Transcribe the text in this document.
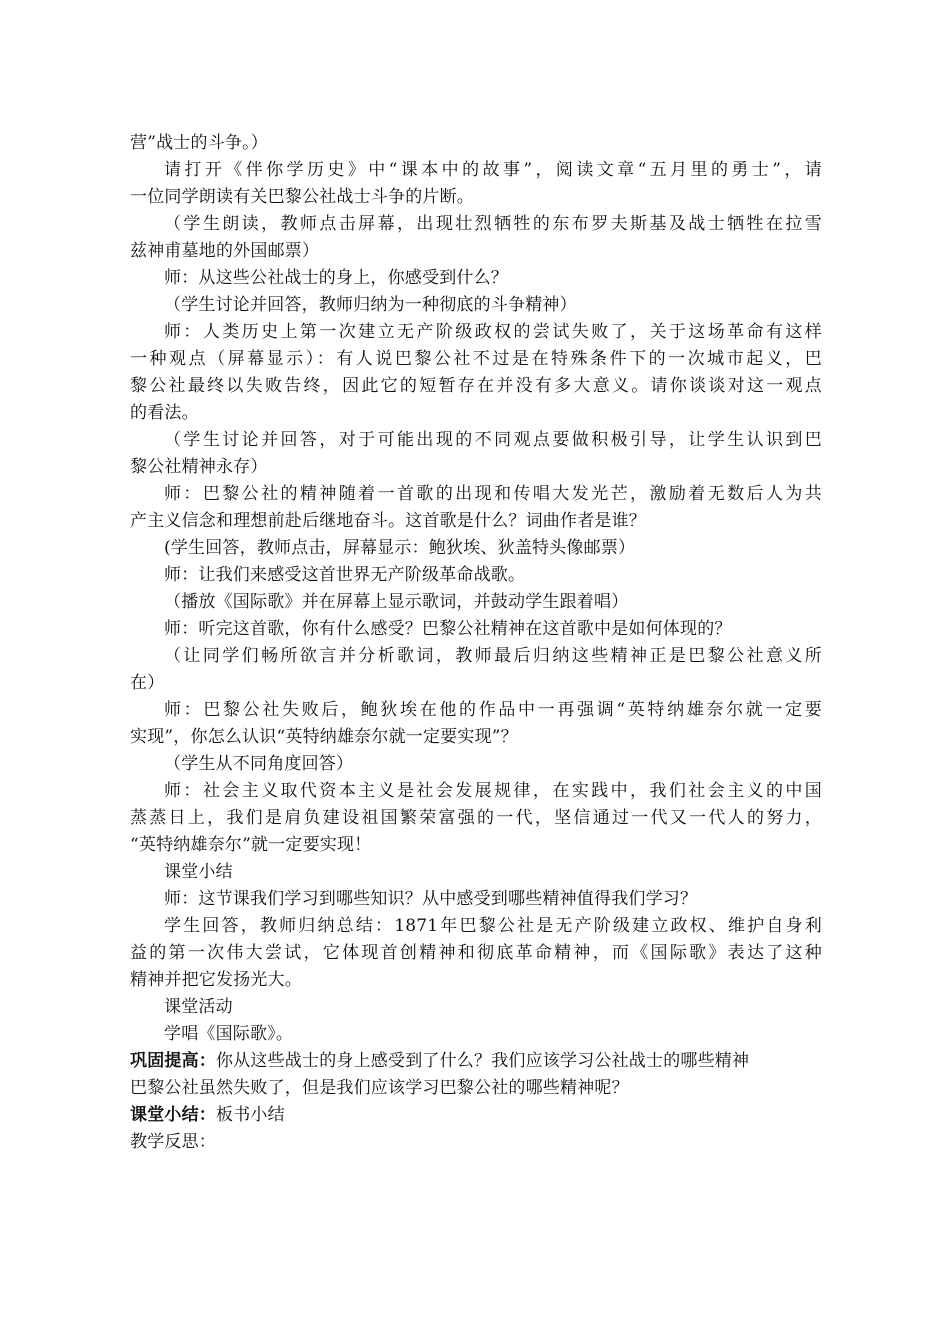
营”战士的斗争。）
请打开《伴你学历史》中“课本中的故事”，阅读文章“五月里的勇士”，请
一位同学朗读有关巴黎公社战士斗争的片断。
（学生朗读，教师点击屏幕，出现壮烈牺牲的东布罗夫斯基及战士牺牲在拉雪
兹神甫墓地的外国邮票）
师：从这些公社战士的身上，你感受到什么？
（学生讨论并回答，教师归纳为一种彻底的斗争精神）
师：人类历史上第一次建立无产阶级政权的尝试失败了，关于这场革命有这样
一种观点（屏幕显示）：有人说巴黎公社不过是在特殊条件下的一次城市起义，巴
黎公社最终以失败告终，因此它的短暂存在并没有多大意义。请你谈谈对这一观点
的看法。
（学生讨论并回答，对于可能出现的不同观点要做积极引导，让学生认识到巴
黎公社精神永存）
师：巴黎公社的精神随着一首歌的出现和传唱大发光芒，激励着无数后人为共
产主义信念和理想前赴后继地奋斗。这首歌是什么？词曲作者是谁？
(学生回答，教师点击，屏幕显示：鲍狄埃、狄盖特头像邮票）
师：让我们来感受这首世界无产阶级革命战歌。
（播放《国际歌》并在屏幕上显示歌词，并鼓动学生跟着唱）
师：听完这首歌，你有什么感受？巴黎公社精神在这首歌中是如何体现的？
（让同学们畅所欲言并分析歌词，教师最后归纳这些精神正是巴黎公社意义所
在）
师：巴黎公社失败后，鲍狄埃在他的作品中一再强调“英特纳雄奈尔就一定要
实现”，你怎么认识“英特纳雄奈尔就一定要实现”？
（学生从不同角度回答）
师：社会主义取代资本主义是社会发展规律，在实践中，我们社会主义的中国
蒸蒸日上，我们是肩负建设祖国繁荣富强的一代，坚信通过一代又一代人的努力，
“英特纳雄奈尔”就一定要实现！
课堂小结
师：这节课我们学习到哪些知识？从中感受到哪些精神值得我们学习？
学生回答，教师归纳总结：1871年巴黎公社是无产阶级建立政权、维护自身利
益的第一次伟大尝试，它体现首创精神和彻底革命精神，而《国际歌》表达了这种
精神并把它发扬光大。
课堂活动
学唱《国际歌》。
巩固提高：你从这些战士的身上感受到了什么？我们应该学习公社战士的哪些精神
巴黎公社虽然失败了，但是我们应该学习巴黎公社的哪些精神呢？
课堂小结：板书小结
教学反思：
